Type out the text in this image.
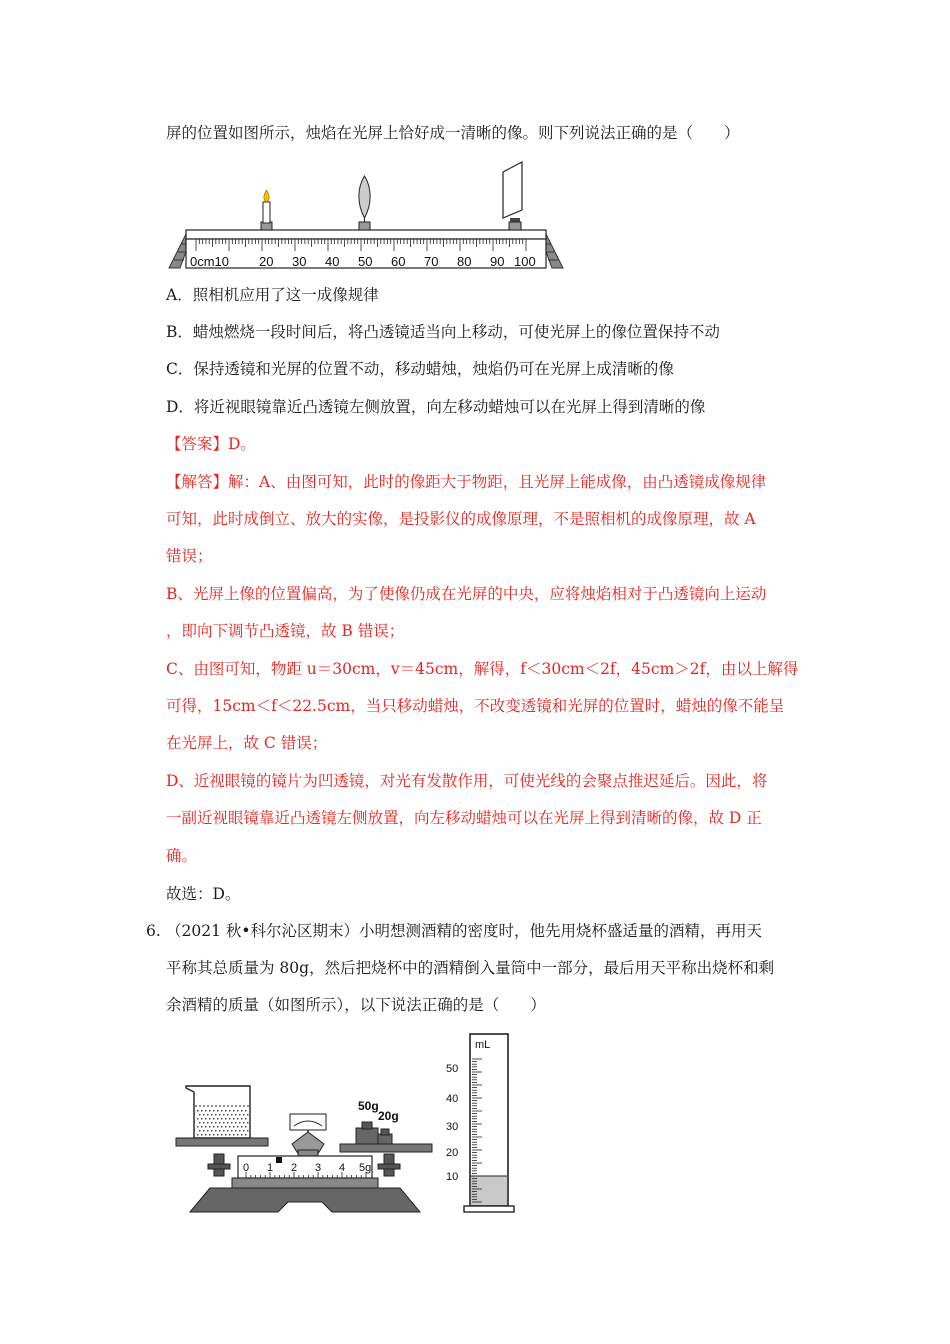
屏的位置如图所示，烛焰在光屏上恰好成一清晰的像。则下列说法正确的是（　　）
0cm10 20 30 40 50 60 70 80 90 100
A．照相机应用了这一成像规律
B．蜡烛燃烧一段时间后，将凸透镜适当向上移动，可使光屏上的像位置保持不动
C．保持透镜和光屏的位置不动，移动蜡烛，烛焰仍可在光屏上成清晰的像
D．将近视眼镜靠近凸透镜左侧放置，向左移动蜡烛可以在光屏上得到清晰的像
【答案】D。
【解答】解：A、由图可知，此时的像距大于物距，且光屏上能成像，由凸透镜成像规律
可知，此时成倒立、放大的实像，是投影仪的成像原理，不是照相机的成像原理，故 A
错误；
B、光屏上像的位置偏高，为了使像仍成在光屏的中央，应将烛焰相对于凸透镜向上运动
，即向下调节凸透镜，故 B 错误；
C、由图可知，物距 u＝30cm，v＝45cm，解得，f＜30cm＜2f，45cm＞2f，由以上解得
可得，15cm＜f＜22.5cm，当只移动蜡烛，不改变透镜和光屏的位置时，蜡烛的像不能呈
在光屏上，故 C 错误；
D、近视眼镜的镜片为凹透镜，对光有发散作用，可使光线的会聚点推迟延后。因此，将
一副近视眼镜靠近凸透镜左侧放置，向左移动蜡烛可以在光屏上得到清晰的像，故 D 正
确。
故选：D。
6. （2021 秋•科尔沁区期末）小明想测酒精的密度时，他先用烧杯盛适量的酒精，再用天
平称其总质量为 80g，然后把烧杯中的酒精倒入量筒中一部分，最后用天平称出烧杯和剩
余酒精的质量（如图所示），以下说法正确的是（　　）
50g
20g
0 1 2 3 4 5g
mL
50
40
30
20
10
